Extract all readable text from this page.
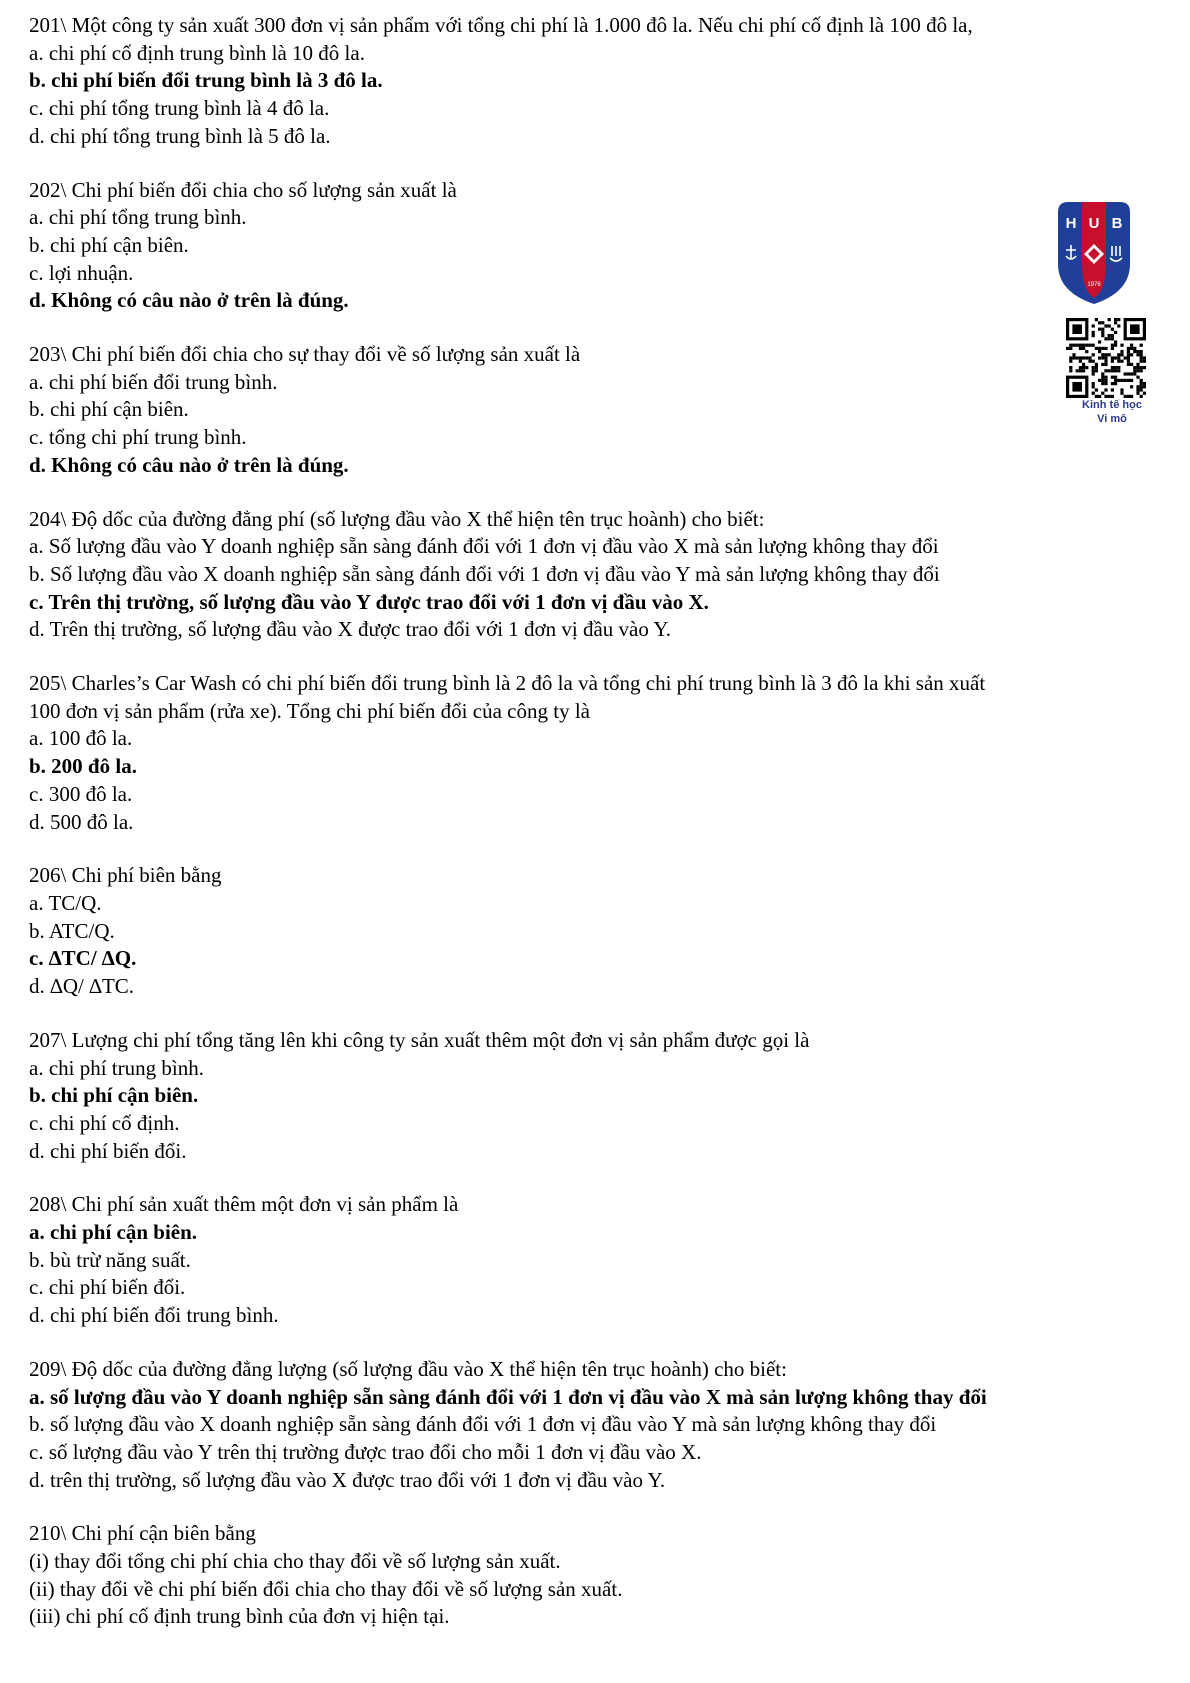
201\ Một công ty sản xuất 300 đơn vị sản phẩm với tổng chi phí là 1.000 đô la. Nếu chi phí cố định là 100 đô la,
a. chi phí cố định trung bình là 10 đô la.
b. chi phí biến đổi trung bình là 3 đô la.
c. chi phí tổng trung bình là 4 đô la.
d. chi phí tổng trung bình là 5 đô la.
202\ Chi phí biến đổi chia cho số lượng sản xuất là
a. chi phí tổng trung bình.
b. chi phí cận biên.
c. lợi nhuận.
d. Không có câu nào ở trên là đúng.
203\ Chi phí biến đổi chia cho sự thay đổi về số lượng sản xuất là
a. chi phí biến đổi trung bình.
b. chi phí cận biên.
c. tổng chi phí trung bình.
d. Không có câu nào ở trên là đúng.
204\ Độ dốc của đường đẳng phí (số lượng đầu vào X thể hiện tên trục hoành) cho biết:
a. Số lượng đầu vào Y doanh nghiệp sẵn sàng đánh đổi với 1 đơn vị đầu vào X mà sản lượng không thay đổi
b. Số lượng đầu vào X doanh nghiệp sẵn sàng đánh đổi với 1 đơn vị đầu vào Y mà sản lượng không thay đổi
c. Trên thị trường, số lượng đầu vào Y được trao đổi với 1 đơn vị đầu vào X.
d. Trên thị trường, số lượng đầu vào X được trao đổi với 1 đơn vị đầu vào Y.
205\ Charles’s Car Wash có chi phí biến đổi trung bình là 2 đô la và tổng chi phí trung bình là 3 đô la khi sản xuất
100 đơn vị sản phẩm (rửa xe). Tổng chi phí biến đổi của công ty là
a. 100 đô la.
b. 200 đô la.
c. 300 đô la.
d. 500 đô la.
206\ Chi phí biên bằng
a. TC/Q.
b. ATC/Q.
c. ∆TC/ ∆Q.
d. ∆Q/ ∆TC.
207\ Lượng chi phí tổng tăng lên khi công ty sản xuất thêm một đơn vị sản phẩm được gọi là
a. chi phí trung bình.
b. chi phí cận biên.
c. chi phí cố định.
d. chi phí biến đổi.
208\ Chi phí sản xuất thêm một đơn vị sản phẩm là
a. chi phí cận biên.
b. bù trừ năng suất.
c. chi phí biến đổi.
d. chi phí biến đổi trung bình.
209\ Độ dốc của đường đẳng lượng (số lượng đầu vào X thể hiện tên trục hoành) cho biết:
a. số lượng đầu vào Y doanh nghiệp sẵn sàng đánh đổi với 1 đơn vị đầu vào X mà sản lượng không thay đổi
b. số lượng đầu vào X doanh nghiệp sẵn sàng đánh đổi với 1 đơn vị đầu vào Y mà sản lượng không thay đổi
c. số lượng đầu vào Y trên thị trường được trao đổi cho mỗi 1 đơn vị đầu vào X.
d. trên thị trường, số lượng đầu vào X được trao đổi với 1 đơn vị đầu vào Y.
210\ Chi phí cận biên bằng
(i) thay đổi tổng chi phí chia cho thay đổi về số lượng sản xuất.
(ii) thay đổi về chi phí biến đổi chia cho thay đổi về số lượng sản xuất.
(iii) chi phí cố định trung bình của đơn vị hiện tại.
H U B
1976
Kinh tế học
Vi mô
